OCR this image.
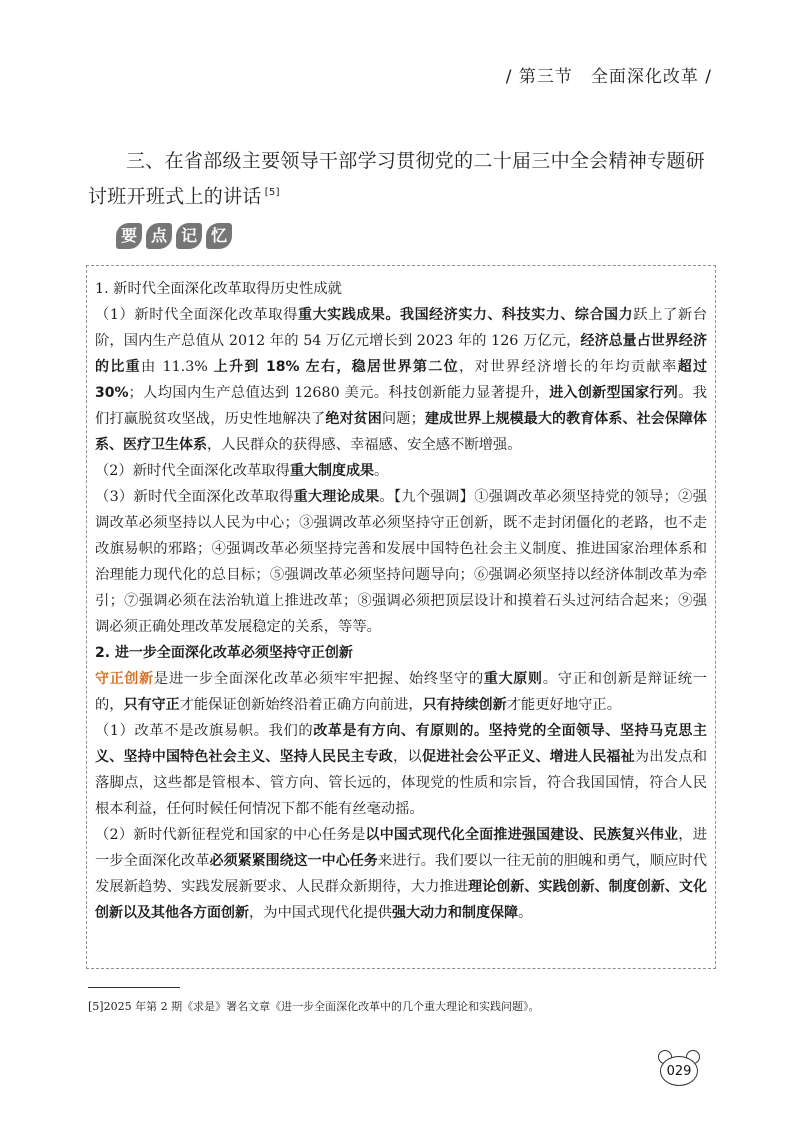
/ 第三节　全面深化改革 /
三、在省部级主要领导干部学习贯彻党的二十届三中全会精神专题研讨班开班式上的讲话 [5]
要 点 记 忆

1. 新时代全面深化改革取得历史性成就

（1）新时代全面深化改革取得重大实践成果。我国经济实力、科技实力、综合国力跃上了新台阶，国内生产总值从 2012 年的 54 万亿元增长到 2023 年的 126 万亿元，经济总量占世界经济的比重由 11.3% 上升到 18% 左右，稳居世界第二位，对世界经济增长的年均贡献率超过 30%；人均国内生产总值达到 12680 美元。科技创新能力显著提升，进入创新型国家行列。我们打赢脱贫攻坚战，历史性地解决了绝对贫困问题；建成世界上规模最大的教育体系、社会保障体系、医疗卫生体系，人民群众的获得感、幸福感、安全感不断增强。

（2）新时代全面深化改革取得重大制度成果。

（3）新时代全面深化改革取得重大理论成果。【九个强调】①强调改革必须坚持党的领导；②强调改革必须坚持以人民为中心；③强调改革必须坚持守正创新，既不走封闭僵化的老路，也不走改旗易帜的邪路；④强调改革必须坚持完善和发展中国特色社会主义制度、推进国家治理体系和治理能力现代化的总目标；⑤强调改革必须坚持问题导向；⑥强调必须坚持以经济体制改革为牵引；⑦强调必须在法治轨道上推进改革；⑧强调必须把顶层设计和摸着石头过河结合起来；⑨强调必须正确处理改革发展稳定的关系，等等。

2. 进一步全面深化改革必须坚持守正创新

守正创新是进一步全面深化改革必须牢牢把握、始终坚守的重大原则。守正和创新是辩证统一的，只有守正才能保证创新始终沿着正确方向前进，只有持续创新才能更好地守正。

（1）改革不是改旗易帜。我们的改革是有方向、有原则的。坚持党的全面领导、坚持马克思主义、坚持中国特色社会主义、坚持人民民主专政，以促进社会公平正义、增进人民福祉为出发点和落脚点，这些都是管根本、管方向、管长远的，体现党的性质和宗旨，符合我国国情，符合人民根本利益，任何时候任何情况下都不能有丝毫动摇。

（2）新时代新征程党和国家的中心任务是以中国式现代化全面推进强国建设、民族复兴伟业，进一步全面深化改革必须紧紧围绕这一中心任务来进行。我们要以一往无前的胆魄和勇气，顺应时代发展新趋势、实践发展新要求、人民群众新期待，大力推进理论创新、实践创新、制度创新、文化创新以及其他各方面创新，为中国式现代化提供强大动力和制度保障。

[5]2025 年第 2 期《求是》署名文章《进一步全面深化改革中的几个重大理论和实践问题》。
029
